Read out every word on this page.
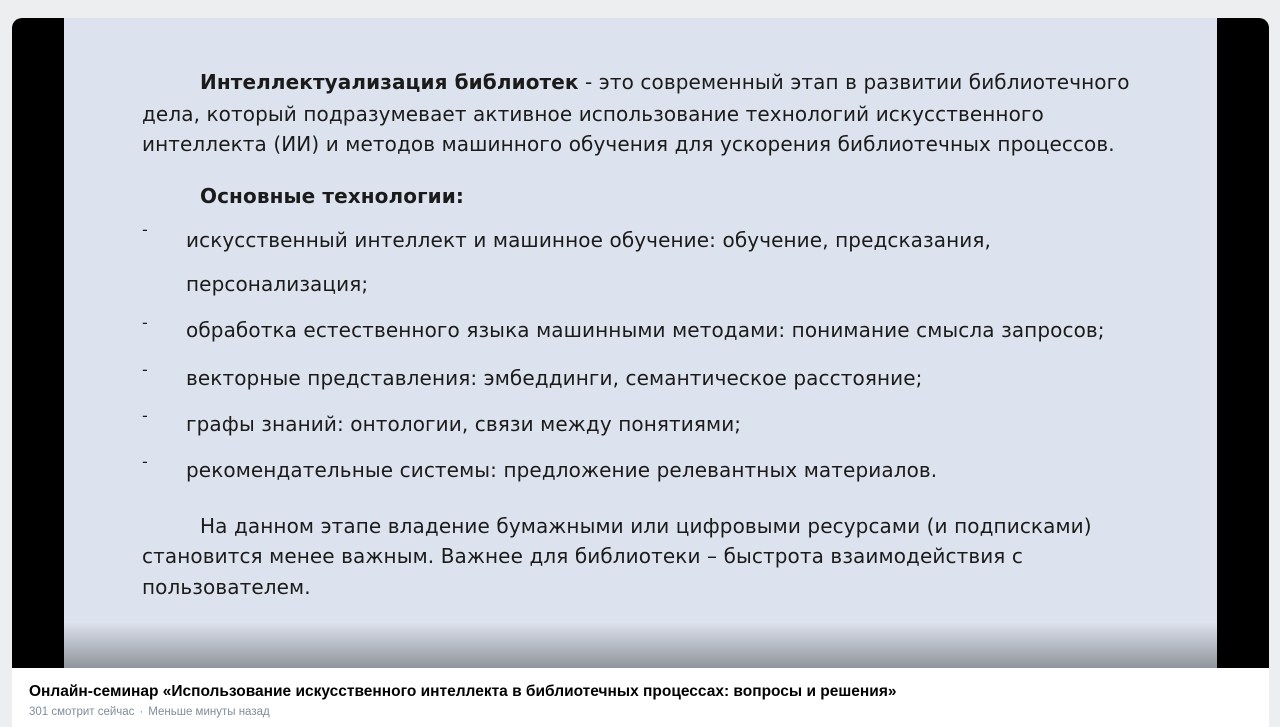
Интеллектуализация библиотек - это современный этап в развитии библиотечного

дела, который подразумевает активное использование технологий искусственного

интеллекта (ИИ) и методов машинного обучения для ускорения библиотечных процессов.

Основные технологии:

- искусственный интеллект и машинное обучение: обучение, предсказания,

персонализация;

- обработка естественного языка машинными методами: понимание смысла запросов;

- векторные представления: эмбеддинги, семантическое расстояние;

- графы знаний: онтологии, связи между понятиями;

- рекомендательные системы: предложение релевантных материалов.

На данном этапе владение бумажными или цифровыми ресурсами (и подписками)

становится менее важным. Важнее для библиотеки – быстрота взаимодействия с

пользователем.

Онлайн-семинар «Использование искусственного интеллекта в библиотечных процессах: вопросы и решения»
301 смотрит сейчас · Меньше минуты назад
